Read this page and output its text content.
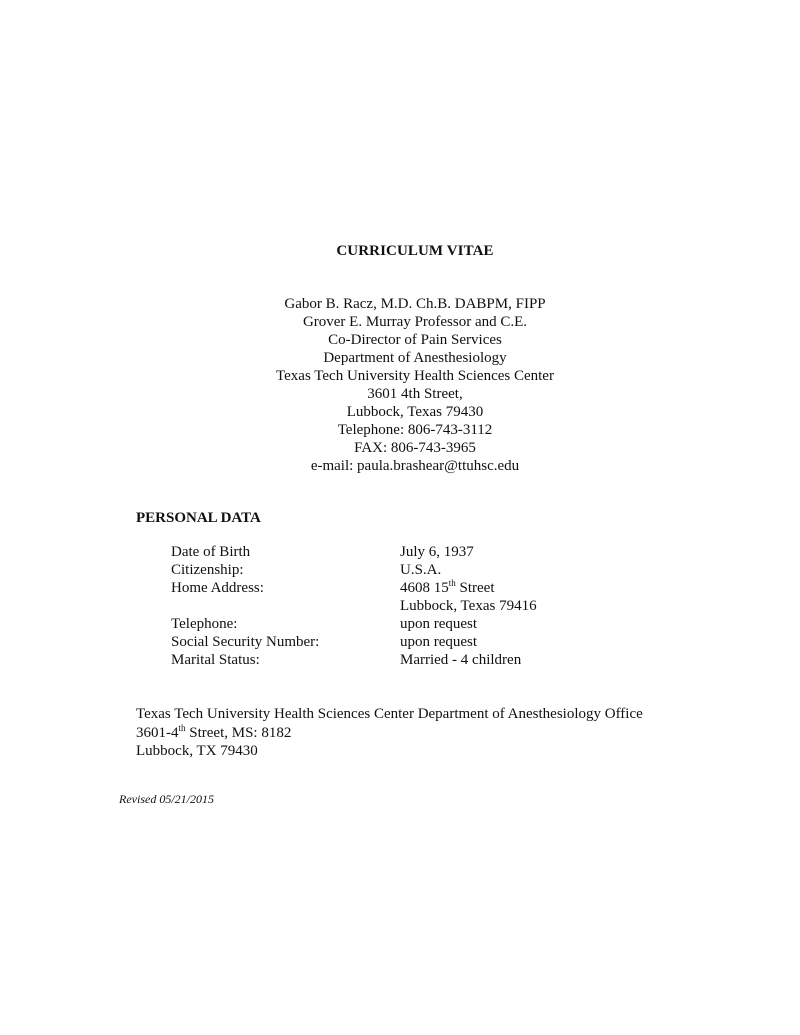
CURRICULUM VITAE
Gabor B. Racz, M.D. Ch.B. DABPM, FIPP
Grover E. Murray Professor and C.E.
Co-Director of Pain Services
Department of Anesthesiology
Texas Tech University Health Sciences Center
3601 4th Street,
Lubbock, Texas 79430
Telephone: 806-743-3112
FAX: 806-743-3965
e-mail: paula.brashear@ttuhsc.edu
PERSONAL DATA
Date of Birth	July 6, 1937
Citizenship:	U.S.A.
Home Address:	4608 15th Street
Lubbock, Texas 79416
Telephone:	upon request
Social Security Number:	upon request
Marital Status:	Married - 4 children
Texas Tech University Health Sciences Center Department of Anesthesiology Office
3601-4th Street, MS: 8182
Lubbock, TX 79430
Revised 05/21/2015
